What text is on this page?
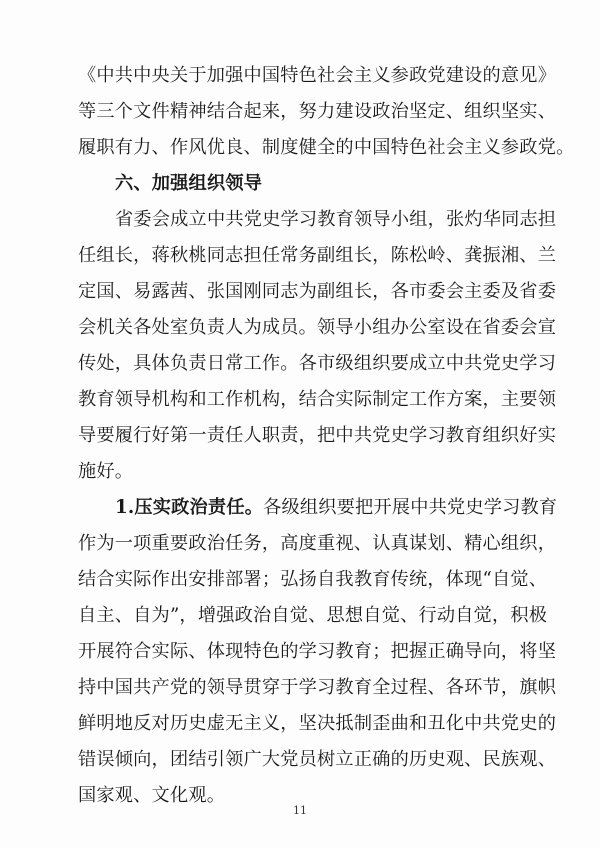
《中共中央关于加强中国特色社会主义参政党建设的意见》
等三个文件精神结合起来，努力建设政治坚定、组织坚实、
履职有力、作风优良、制度健全的中国特色社会主义参政党。
六、加强组织领导
省委会成立中共党史学习教育领导小组，张灼华同志担
任组长，蒋秋桃同志担任常务副组长，陈松岭、龚振湘、兰
定国、易露茜、张国刚同志为副组长，各市委会主委及省委
会机关各处室负责人为成员。领导小组办公室设在省委会宣
传处，具体负责日常工作。各市级组织要成立中共党史学习
教育领导机构和工作机构，结合实际制定工作方案，主要领
导要履行好第一责任人职责，把中共党史学习教育组织好实
施好。
1.压实政治责任。各级组织要把开展中共党史学习教育
作为一项重要政治任务，高度重视、认真谋划、精心组织，
结合实际作出安排部署；弘扬自我教育传统，体现“自觉、
自主、自为”，增强政治自觉、思想自觉、行动自觉，积极
开展符合实际、体现特色的学习教育；把握正确导向，将坚
持中国共产党的领导贯穿于学习教育全过程、各环节，旗帜
鲜明地反对历史虚无主义，坚决抵制歪曲和丑化中共党史的
错误倾向，团结引领广大党员树立正确的历史观、民族观、
国家观、文化观。
11
